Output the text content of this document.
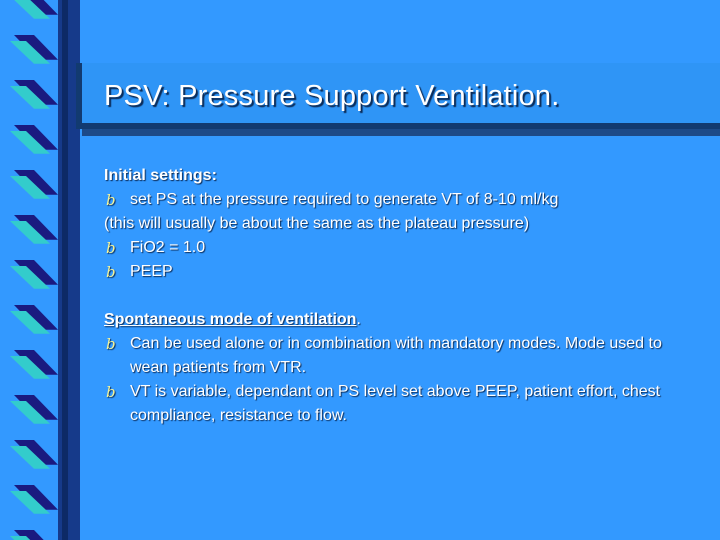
PSV: Pressure Support Ventilation.
Initial settings:
b set PS at the pressure required to generate VT of 8-10 ml/kg
(this will usually be about the same as the plateau pressure)
b FiO2 = 1.0
b PEEP
Spontaneous mode of ventilation.
b Can be used alone or in combination with mandatory modes. Mode used to wean patients from VTR.
b VT is variable, dependant on PS level set above PEEP, patient effort, chest compliance, resistance to flow.
